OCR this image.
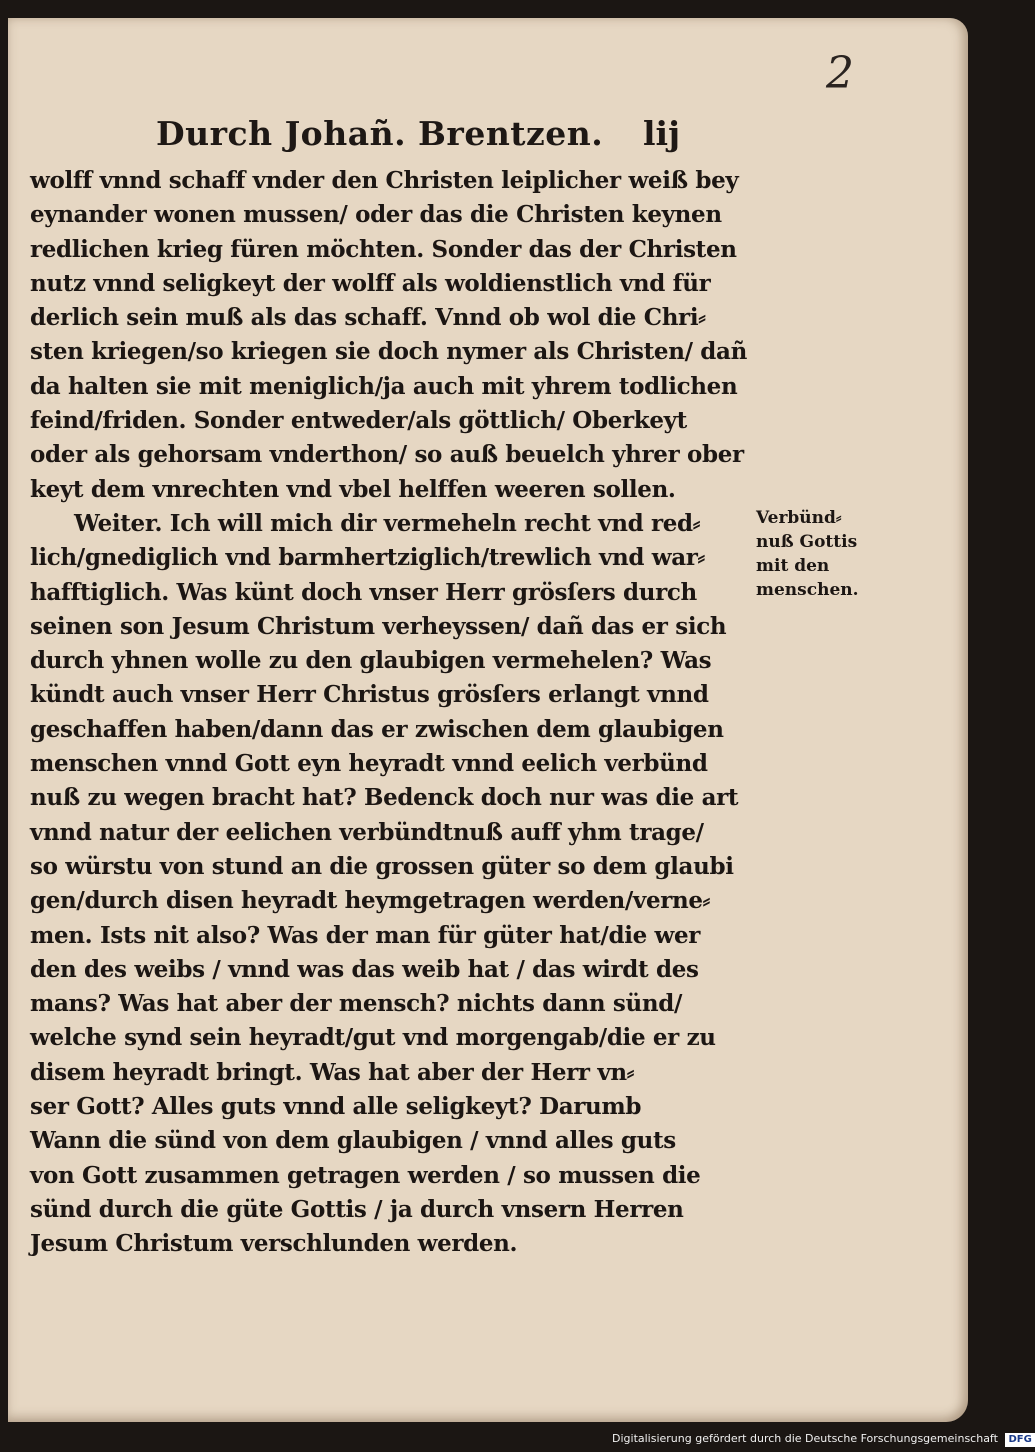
2
Durch Johañ. Brentzen. lij
wolff vnnd schaff vnder den Christen leiplicher weiß bey
eynander wonen mussen/ oder das die Christen keynen
redlichen krieg füren möchten. Sonder das der Christen
nutz vnnd seligkeyt der wolff als woldienstlich vnd für
derlich sein muß als das schaff. Vnnd ob wol die Chri⸗
sten kriegen/so kriegen sie doch nymer als Christen/ dañ
da halten sie mit meniglich/ja auch mit yhrem todlichen
feind/friden. Sonder entweder/als göttlich/ Oberkeyt
oder als gehorsam vnderthon/ so auß beuelch yhrer ober
keyt dem vnrechten vnd vbel helffen weeren sollen.
Weiter. Ich will mich dir vermeheln recht vnd red⸗
lich/gnediglich vnd barmhertziglich/trewlich vnd war⸗
hafftiglich. Was künt doch vnser Herr grösſers durch
seinen son Jesum Christum verheyssen/ dañ das er sich
durch yhnen wolle zu den glaubigen vermehelen? Was
kündt auch vnser Herr Christus grösſers erlangt vnnd
geschaffen haben/dann das er zwischen dem glaubigen
menschen vnnd Gott eyn heyradt vnnd eelich verbünd
nuß zu wegen bracht hat? Bedenck doch nur was die art
vnnd natur der eelichen verbündtnuß auff yhm trage/
so würstu von stund an die grossen güter so dem glaubi
gen/durch disen heyradt heymgetragen werden/verne⸗
men. Ists nit also? Was der man für güter hat/die wer
den des weibs / vnnd was das weib hat / das wirdt des
mans? Was hat aber der mensch? nichts dann sünd/
welche synd sein heyradt/gut vnd morgengab/die er zu
disem heyradt bringt. Was hat aber der Herr vn⸗
ser Gott? Alles guts vnnd alle seligkeyt? Darumb
Wann die sünd von dem glaubigen / vnnd alles guts
von Gott zusammen getragen werden / so mussen die
sünd durch die güte Gottis / ja durch vnsern Herren
Jesum Christum verschlunden werden.
Verbünd⸗
nuß Gottis
mit den
menschen.
Digitalisierung gefördert durch die Deutsche Forschungsgemeinschaft DFG
